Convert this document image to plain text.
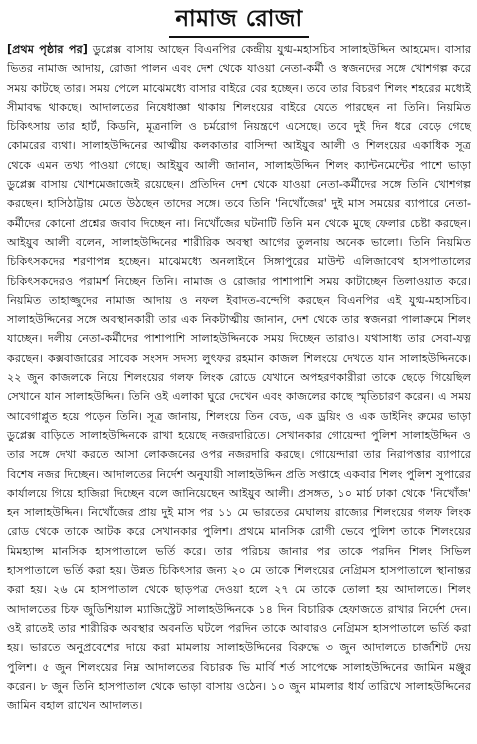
নামাজ রোজা

[প্রথম পৃষ্ঠার পর] ডুপ্লেক্স বাসায় আছেন বিএনপির কেন্দ্রীয় যুগ্ম-মহাসচিব সালাহউদ্দিন আহমেদ। বাসার ভিতর নামাজ আদায়, রোজা পালন এবং দেশ থেকে যাওয়া নেতা-কর্মী ও স্বজনদের সঙ্গে খোশগল্প করে সময় কাটছে তার। সময় পেলে মাঝেমধ্যে বাসার বাইরে বের হচ্ছেন। তবে তার বিচরণ শিলং শহরের মধ্যেই সীমাবদ্ধ থাকছে। আদালতের নিষেধাজ্ঞা থাকায় শিলংয়ের বাইরে যেতে পারছেন না তিনি। নিয়মিত চিকিৎসায় তার হার্ট, কিডনি, মূত্রনালি ও চর্মরোগ নিয়ন্ত্রণে এসেছে। তবে দুই দিন ধরে বেড়ে গেছে কোমরের ব্যথা। সালাহউদ্দিনের আত্মীয় কলকাতার বাসিন্দা আইয়ুব আলী ও শিলংয়ের একাধিক সূত্র থেকে এমন তথ্য পাওয়া গেছে। আইয়ুব আলী জানান, সালাহউদ্দিন শিলং ক্যান্টনমেন্টের পাশে ভাড়া ডুপ্লেক্স বাসায় খোশমেজাজেই রয়েছেন। প্রতিদিন দেশ থেকে যাওয়া নেতা-কর্মীদের সঙ্গে তিনি খোশগল্প করছেন। হাসিঠাট্টায় মেতে উঠছেন তাদের সঙ্গে। তবে তিনি 'নিখোঁজের' দুই মাস সময়ের ব্যাপারে নেতা-কর্মীদের কোনো প্রশ্নের জবাব দিচ্ছেন না। নিখোঁজের ঘটনাটি তিনি মন থেকে মুছে ফেলার চেষ্টা করছেন। আইয়ুব আলী বলেন, সালাহউদ্দিনের শারীরিক অবস্থা আগের তুলনায় অনেক ভালো। তিনি নিয়মিত চিকিৎসকদের শরণাপন্ন হচ্ছেন। মাঝেমধ্যে অনলাইনে সিঙ্গাপুরের মাউন্ট এলিজাবেথ হাসপাতালের চিকিৎসকদেরও পরামর্শ নিচ্ছেন তিনি। নামাজ ও রোজার পাশাপাশি সময় কাটাচ্ছেন তিলাওয়াত করে। নিয়মিত তাহাজ্জুদের নামাজ আদায় ও নফল ইবাদত-বন্দেগি করছেন বিএনপির এই যুগ্ম-মহাসচিব। সালাহউদ্দিনের সঙ্গে অবস্থানকারী তার এক নিকটাত্মীয় জানান, দেশ থেকে তার স্বজনরা পালাক্রমে শিলং যাচ্ছেন। দলীয় নেতা-কর্মীদের পাশাপাশি সালাহউদ্দিনকে সময় দিচ্ছেন তারাও। যথাসাধ্য তার সেবা-যত্ন করছেন। কক্সবাজারের সাবেক সংসদ সদস্য লুৎফর রহমান কাজল শিলংয়ে দেখতে যান সালাহউদ্দিনকে। ২২ জুন কাজলকে নিয়ে শিলংয়ের গলফ লিংক রোডে যেখানে অপহরণকারীরা তাকে ছেড়ে গিয়েছিল সেখানে যান সালাহউদ্দিন। তিনি ওই এলাকা ঘুরে দেখেন এবং কাজলের কাছে স্মৃতিচারণ করেন। এ সময় আবেগাপ্লুত হয়ে পড়েন তিনি। সূত্র জানায়, শিলংয়ে তিন বেড, এক ড্রয়িং ও এক ডাইনিং রুমের ভাড়া ডুপ্লেক্স বাড়িতে সালাহউদ্দিনকে রাখা হয়েছে নজরদারিতে। সেখানকার গোয়েন্দা পুলিশ সালাহউদ্দিন ও তার সঙ্গে দেখা করতে আসা লোকজনের ওপর নজরদারি করছে। গোয়েন্দারা তার নিরাপত্তার ব্যাপারে বিশেষ নজর দিচ্ছেন। আদালতের নির্দেশ অনুযায়ী সালাহউদ্দিন প্রতি সপ্তাহে একবার শিলং পুলিশ সুপারের কার্যালয়ে গিয়ে হাজিরা দিচ্ছেন বলে জানিয়েছেন আইয়ুব আলী। প্রসঙ্গত, ১০ মার্চ ঢাকা থেকে 'নিখোঁজ' হন সালাহউদ্দিন। নিখোঁজের প্রায় দুই মাস পর ১১ মে ভারতের মেঘালয় রাজ্যের শিলংয়ের গলফ লিংক রোড থেকে তাকে আটক করে সেখানকার পুলিশ। প্রথমে মানসিক রোগী ভেবে পুলিশ তাকে শিলংয়ের মিমহ্যান্স মানসিক হাসপাতালে ভর্তি করে। তার পরিচয় জানার পর তাকে পরদিন শিলং সিভিল হাসপাতালে ভর্তি করা হয়। উন্নত চিকিৎসার জন্য ২০ মে তাকে শিলংয়ের নেগ্রিমস হাসপাতালে স্থানান্তর করা হয়। ২৬ মে হাসপাতাল থেকে ছাড়পত্র দেওয়া হলে ২৭ মে তাকে তোলা হয় আদালতে। শিলং আদালতের চিফ জুডিশিয়াল ম্যাজিস্ট্রেট সালাহউদ্দিনকে ১৪ দিন বিচারিক হেফাজতে রাখার নির্দেশ দেন। ওই রাতেই তার শারীরিক অবস্থার অবনতি ঘটলে পরদিন তাকে আবারও নেগ্রিমস হাসপাতালে ভর্তি করা হয়। ভারতে অনুপ্রবেশের দায়ে করা মামলায় সালাহউদ্দিনের বিরুদ্ধে ৩ জুন আদালতে চার্জশিট দেয় পুলিশ। ৫ জুন শিলংয়ের নিম্ন আদালতের বিচারক ভি মার্বি শর্ত সাপেক্ষে সালাহউদ্দিনের জামিন মঞ্জুর করেন। ৮ জুন তিনি হাসপাতাল থেকে ভাড়া বাসায় ওঠেন। ১০ জুন মামলার ধার্য তারিখে সালাহউদ্দিনের জামিন বহাল রাখেন আদালত।
